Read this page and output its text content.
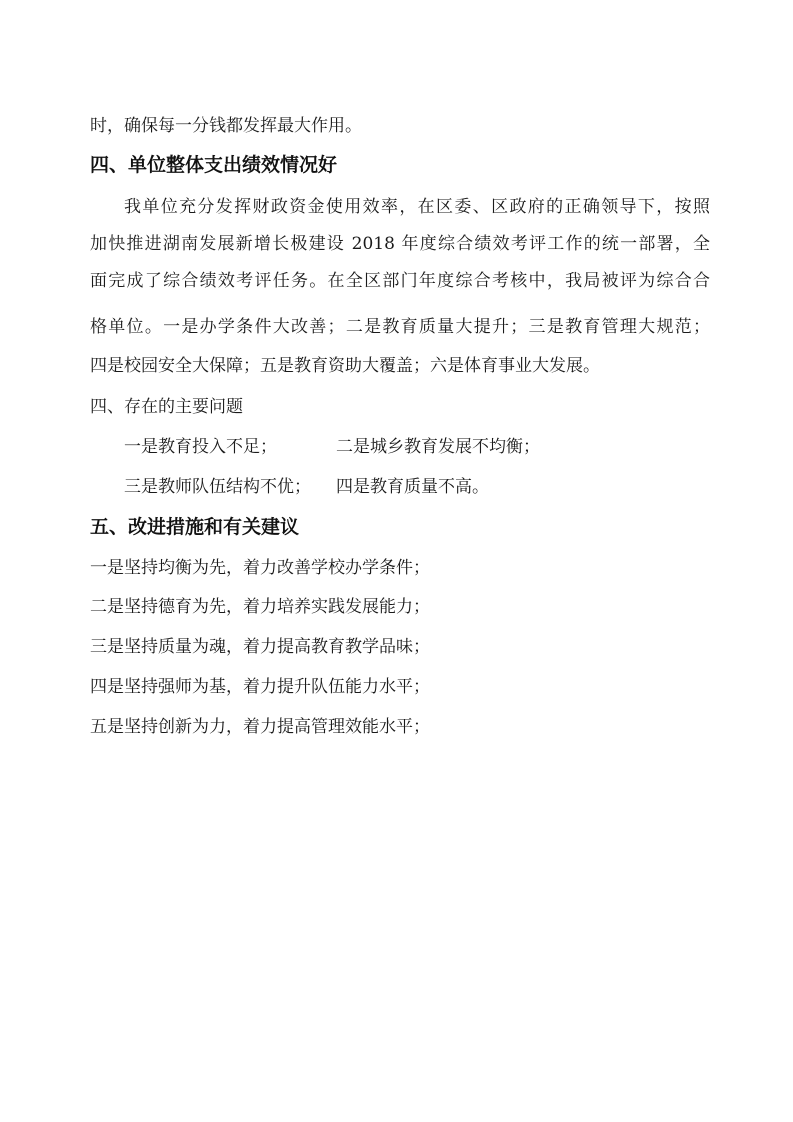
时，确保每一分钱都发挥最大作用。
四、单位整体支出绩效情况好
我单位充分发挥财政资金使用效率，在区委、区政府的正确领导下，按照
加快推进湖南发展新增长极建设 2018 年度综合绩效考评工作的统一部署，全
面完成了综合绩效考评任务。在全区部门年度综合考核中，我局被评为综合合
格单位。一是办学条件大改善；二是教育质量大提升；三是教育管理大规范；
四是校园安全大保障；五是教育资助大覆盖；六是体育事业大发展。
四、存在的主要问题
一是教育投入不足；	二是城乡教育发展不均衡；
三是教师队伍结构不优； 四是教育质量不高。
五、改进措施和有关建议
一是坚持均衡为先，着力改善学校办学条件；
二是坚持德育为先，着力培养实践发展能力；
三是坚持质量为魂，着力提高教育教学品味；
四是坚持强师为基，着力提升队伍能力水平；
五是坚持创新为力，着力提高管理效能水平；
